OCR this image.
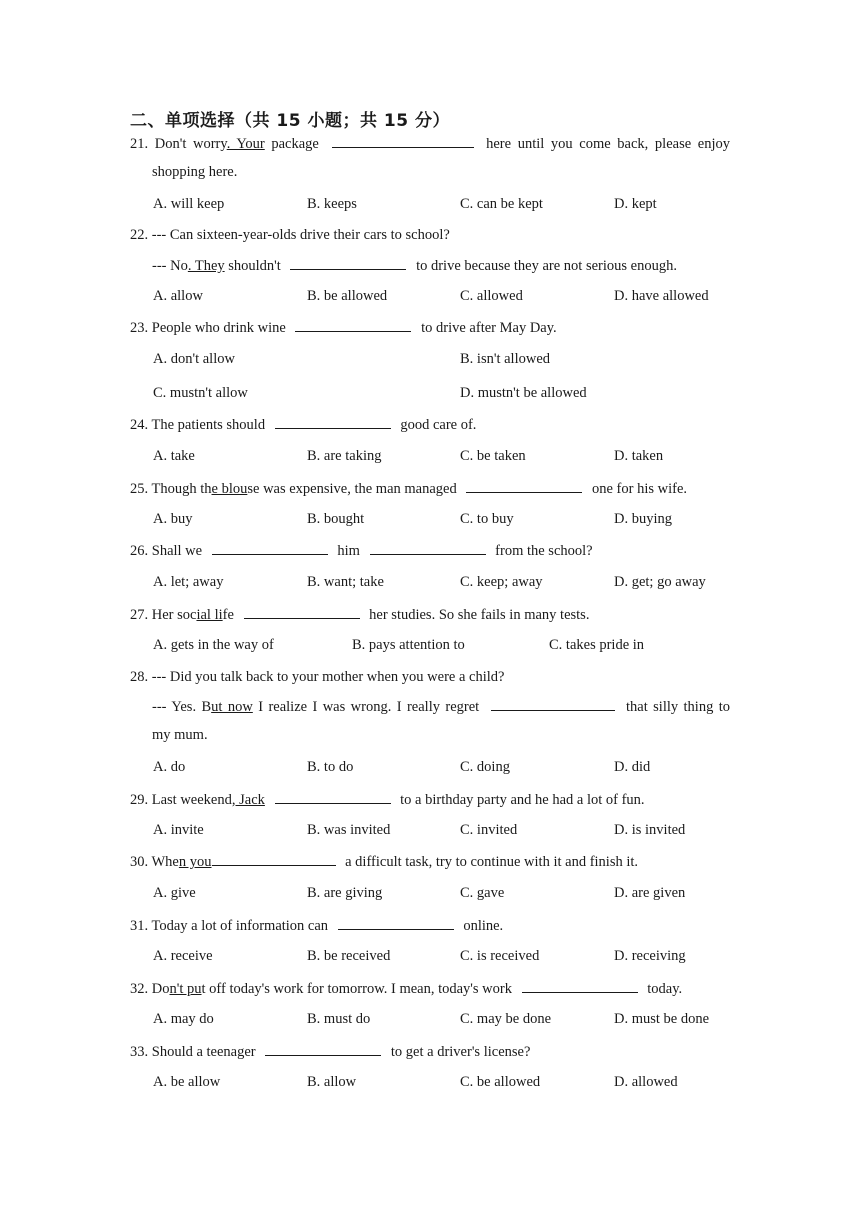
二、单项选择（共 15 小题；共 15 分）
21. Don't worry. Your package	here until you come back, please enjoy
shopping here.
A. will keep	B. keeps	C. can be kept	D. kept
22. --- Can sixteen-year-olds drive their cars to school?
--- No. They shouldn't	to drive because they are not serious enough.
A. allow	B. be allowed	C. allowed	D. have allowed
23. People who drink wine	to drive after May Day.
A. don't allow	B. isn't allowed
C. mustn't allow	D. mustn't be allowed
24. The patients should	good care of.
A. take	B. are taking	C. be taken	D. taken
25. Though the blouse was expensive, the man managed	one for his wife.
A. buy	B. bought	C. to buy	D. buying
26. Shall we	him	from the school?
A. let; away	B. want; take	C. keep; away	D. get; go away
27. Her social life	her studies. So she fails in many tests.
A. gets in the way of	B. pays attention to	C. takes pride in
28. --- Did you talk back to your mother when you were a child?
--- Yes. But now I realize I was wrong. I really regret	that silly thing to
my mum.
A. do	B. to do	C. doing	D. did
29. Last weekend, Jack	to a birthday party and he had a lot of fun.
A. invite	B. was invited	C. invited	D. is invited
30. When you	a difficult task, try to continue with it and finish it.
A. give	B. are giving	C. gave	D. are given
31. Today a lot of information can	online.
A. receive	B. be received	C. is received	D. receiving
32. Don't put off today's work for tomorrow. I mean, today's work	today.
A. may do	B. must do	C. may be done	D. must be done
33. Should a teenager	to get a driver's license?
A. be allow	B. allow	C. be allowed	D. allowed
